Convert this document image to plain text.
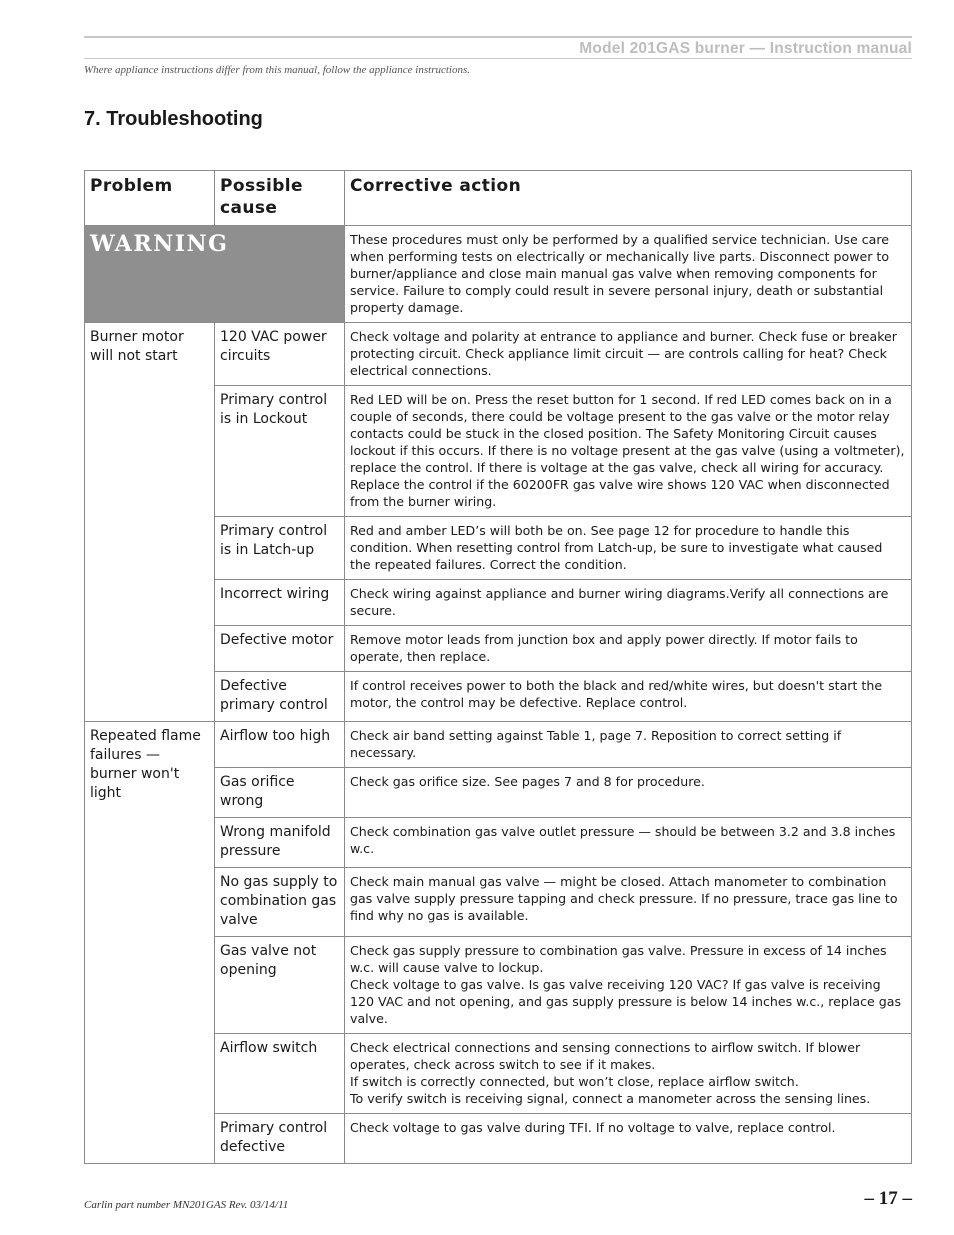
Model 201GAS burner — Instruction manual
Where appliance instructions differ from this manual, follow the appliance instructions.
7. Troubleshooting
Problem	Possible cause	Corrective action
WARNING		These procedures must only be performed by a qualified service technician. Use care when performing tests on electrically or mechanically live parts. Disconnect power to burner/appliance and close main manual gas valve when removing components for service. Failure to comply could result in severe personal injury, death or substantial property damage.
Burner motor will not start	120 VAC power circuits	Check voltage and polarity at entrance to appliance and burner. Check fuse or breaker protecting circuit. Check appliance limit circuit — are controls calling for heat? Check electrical connections.

	Primary control is in Lockout	Red LED will be on. Press the reset button for 1 second. If red LED comes back on in a couple of seconds, there could be voltage present to the gas valve or the motor relay contacts could be stuck in the closed position. The Safety Monitoring Circuit causes lockout if this occurs. If there is no voltage present at the gas valve (using a voltmeter), replace the control. If there is voltage at the gas valve, check all wiring for accuracy. Replace the control if the 60200FR gas valve wire shows 120 VAC when disconnected from the burner wiring.

	Primary control is in Latch-up	Red and amber LED’s will both be on. See page 12 for procedure to handle this condition. When resetting control from Latch-up, be sure to investigate what caused the repeated failures. Correct the condition.

	Incorrect wiring	Check wiring against appliance and burner wiring diagrams.Verify all connections are secure.

	Defective motor	Remove motor leads from junction box and apply power directly. If motor fails to operate, then replace.

	Defective primary control	If control receives power to both the black and red/white wires, but doesn't start the motor, the control may be defective. Replace control.

Repeated flame failures — burner won't light	Airflow too high	Check air band setting against Table 1, page 7. Reposition to correct setting if necessary.

	Gas orifice wrong	Check gas orifice size. See pages 7 and 8 for procedure.

	Wrong manifold pressure	Check combination gas valve outlet pressure — should be between 3.2 and 3.8 inches w.c.

	No gas supply to combination gas valve	Check main manual gas valve — might be closed. Attach manometer to combination gas valve supply pressure tapping and check pressure. If no pressure, trace gas line to find why no gas is available.

	Gas valve not opening	Check gas supply pressure to combination gas valve. Pressure in excess of 14 inches w.c. will cause valve to lockup.
Check voltage to gas valve. Is gas valve receiving 120 VAC? If gas valve is receiving 120 VAC and not opening, and gas supply pressure is below 14 inches w.c., replace gas valve.

	Airflow switch	Check electrical connections and sensing connections to airflow switch. If blower operates, check across switch to see if it makes.
If switch is correctly connected, but won’t close, replace airflow switch.
To verify switch is receiving signal, connect a manometer across the sensing lines.

	Primary control defective	Check voltage to gas valve during TFI. If no voltage to valve, replace control.
Carlin part number MN201GAS Rev. 03/14/11	– 17 –
